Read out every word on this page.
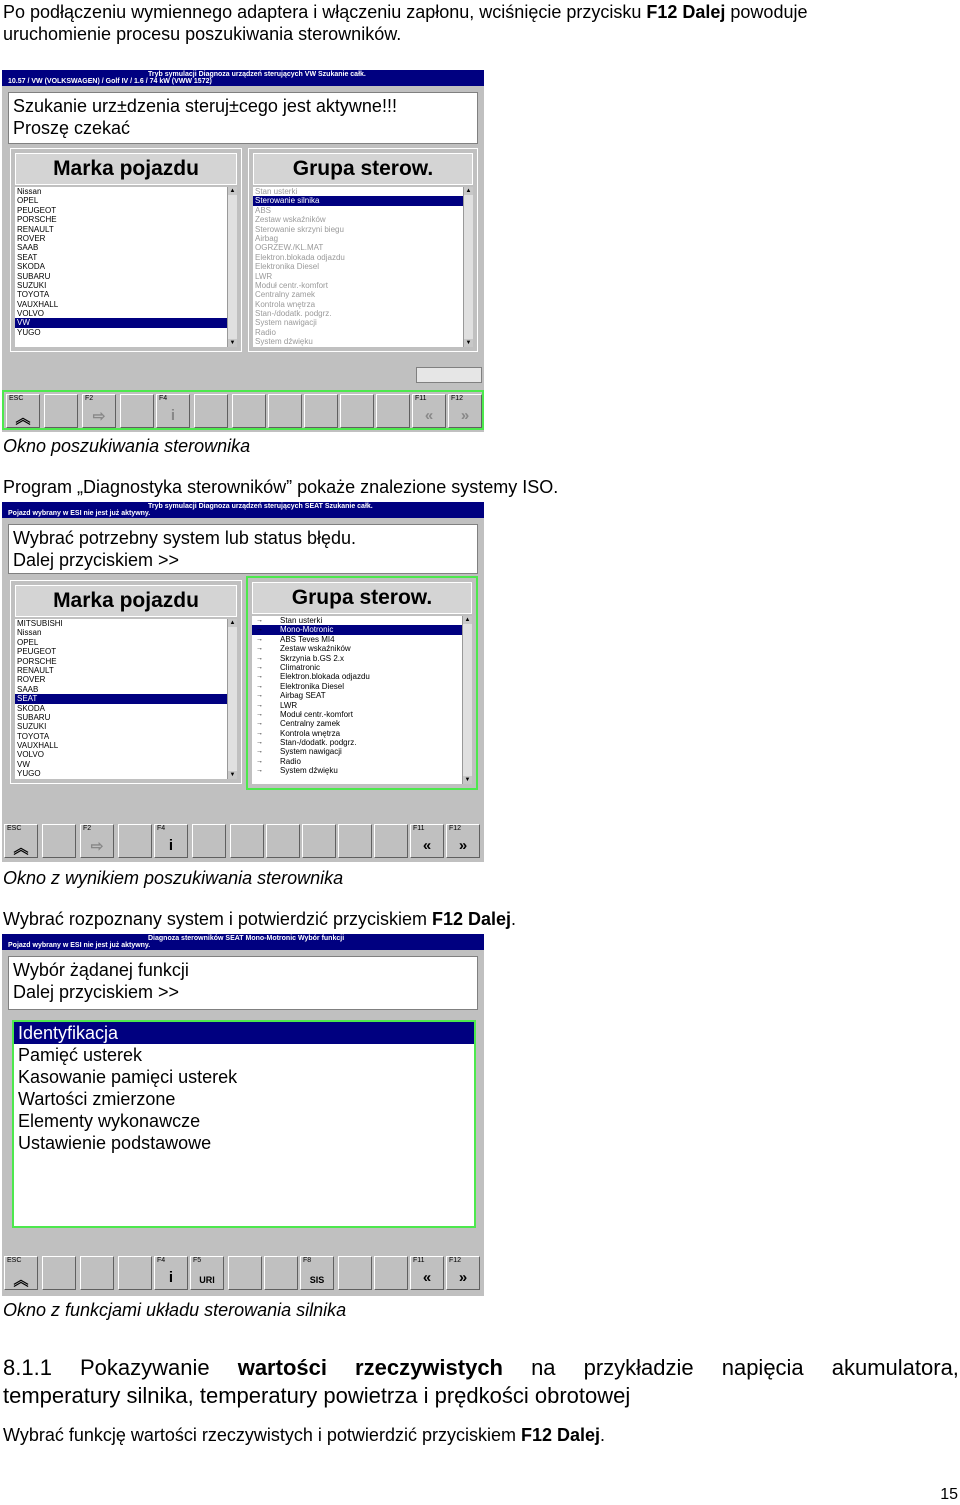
Po podłączeniu wymiennego adaptera i włączeniu zapłonu, wciśnięcie przycisku F12 Dalej powoduje
uruchomienie procesu poszukiwania sterowników.
10.57 / VW (VOLKSWAGEN) / Golf IV / 1.6 / 74 kW (VWW 1572)
Tryb symulacji Diagnoza urządzeń sterujących VW Szukanie całk.
Szukanie urz±dzenia steruj±cego jest aktywne!!!
Proszę czekać
Marka pojazdu
Nissan
OPEL
PEUGEOT
PORSCHE
RENAULT
ROVER
SAAB
SEAT
SKODA
SUBARU
SUZUKI
TOYOTA
VAUXHALL
VOLVO
VW
YUGO
▲
▼
Grupa sterow.
Stan usterki
Sterowanie silnika
ABS
Zestaw wskaźników
Sterowanie skrzyni biegu
Airbag
OGRZEW./KL.MAT
Elektron.blokada odjazdu
Elektronika Diesel
LWR
Moduł centr.-komfort
Centralny zamek
Kontrola wnętrza
Stan-/dodatk. podgrz.
System nawigacji
Radio
System dźwięku
▲
▼
ESC
︽
F2
⇨
F4
i
F11
«
F12
»
Okno poszukiwania sterownika
Program „Diagnostyka sterowników” pokaże znalezione systemy ISO.
Pojazd wybrany w ESI nie jest już aktywny.
Tryb symulacji Diagnoza urządzeń sterujących SEAT Szukanie całk.
Wybrać potrzebny system lub status błędu.
Dalej przyciskiem >>
Marka pojazdu
MITSUBISHI
Nissan
OPEL
PEUGEOT
PORSCHE
RENAULT
ROVER
SAAB
SEAT
SKODA
SUBARU
SUZUKI
TOYOTA
VAUXHALL
VOLVO
VW
YUGO
▲
▼
Grupa sterow.
→ Stan usterki
→ Mono-Motronic
→ ABS Teves MI4
→ Zestaw wskaźników
→ Skrzynia b.GS 2.x
→ Climatronic
→ Elektron.blokada odjazdu
→ Elektronika Diesel
→ Airbag SEAT
→ LWR
→ Moduł centr.-komfort
→ Centralny zamek
→ Kontrola wnętrza
→ Stan-/dodatk. podgrz.
→ System nawigacji
→ Radio
→ System dźwięku
▲
▼
ESC
︽
F2
⇨
F4
i
F11
«
F12
»
Okno z wynikiem poszukiwania sterownika
Wybrać rozpoznany system i potwierdzić przyciskiem F12 Dalej.
Pojazd wybrany w ESI nie jest już aktywny.
Diagnoza sterowników SEAT Mono-Motronic Wybór funkcji
Wybór żądanej funkcji
Dalej przyciskiem >>
Identyfikacja
Pamięć usterek
Kasowanie pamięci usterek
Wartości zmierzone
Elementy wykonawcze
Ustawienie podstawowe
ESC
︽
F4
i
F5
URI
F8
SIS
F11
«
F12
»
Okno z funkcjami układu sterowania silnika
8.1.1 Pokazywanie wartości rzeczywistych na przykładzie napięcia akumulatora,
temperatury silnika, temperatury powietrza i prędkości obrotowej
Wybrać funkcję wartości rzeczywistych i potwierdzić przyciskiem F12 Dalej.
15
